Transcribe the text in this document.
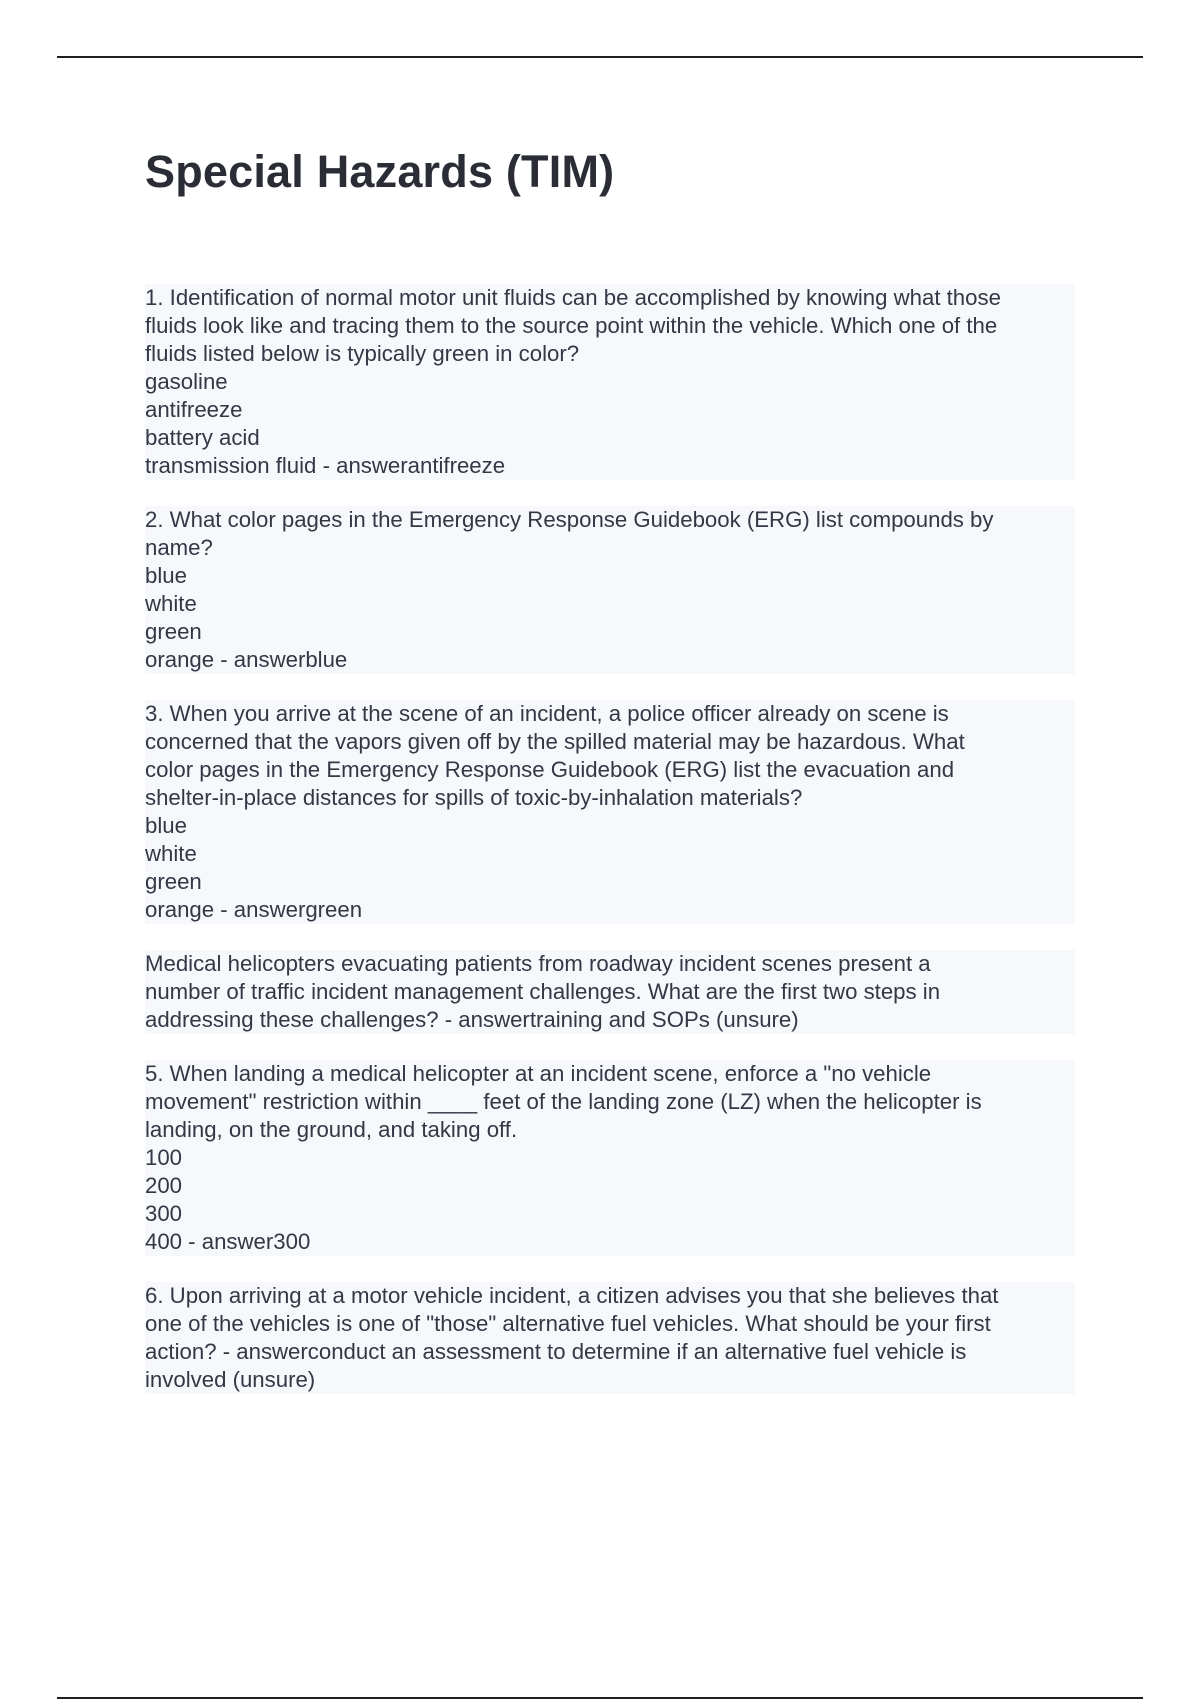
Special Hazards (TIM)
1. Identification of normal motor unit fluids can be accomplished by knowing what those
fluids look like and tracing them to the source point within the vehicle. Which one of the
fluids listed below is typically green in color?
gasoline
antifreeze
battery acid
transmission fluid - answerantifreeze
2. What color pages in the Emergency Response Guidebook (ERG) list compounds by
name?
blue
white
green
orange - answerblue
3. When you arrive at the scene of an incident, a police officer already on scene is
concerned that the vapors given off by the spilled material may be hazardous. What
color pages in the Emergency Response Guidebook (ERG) list the evacuation and
shelter-in-place distances for spills of toxic-by-inhalation materials?
blue
white
green
orange - answergreen
Medical helicopters evacuating patients from roadway incident scenes present a
number of traffic incident management challenges. What are the first two steps in
addressing these challenges? - answertraining and SOPs (unsure)
5. When landing a medical helicopter at an incident scene, enforce a "no vehicle
movement" restriction within ____ feet of the landing zone (LZ) when the helicopter is
landing, on the ground, and taking off.
100
200
300
400 - answer300
6. Upon arriving at a motor vehicle incident, a citizen advises you that she believes that
one of the vehicles is one of "those" alternative fuel vehicles. What should be your first
action? - answerconduct an assessment to determine if an alternative fuel vehicle is
involved (unsure)
